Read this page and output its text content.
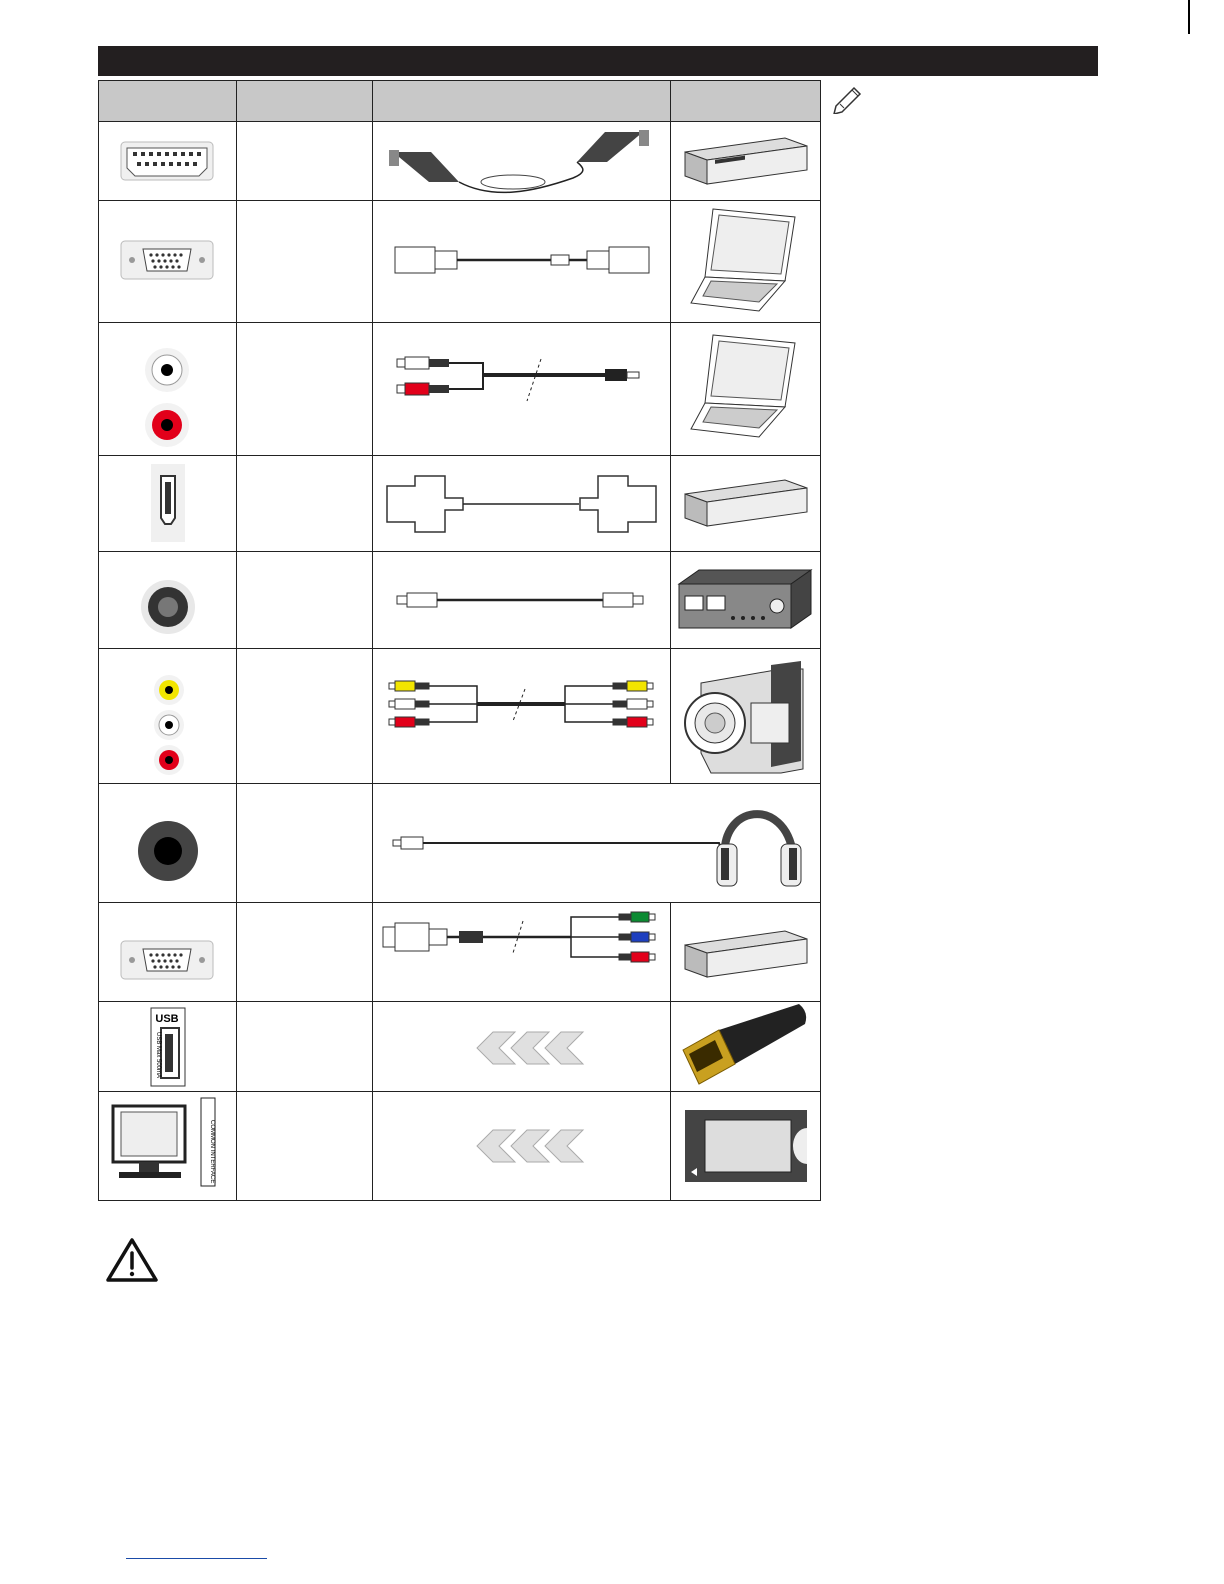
USB
USB Max 500mA
COMMON INTERFACE
